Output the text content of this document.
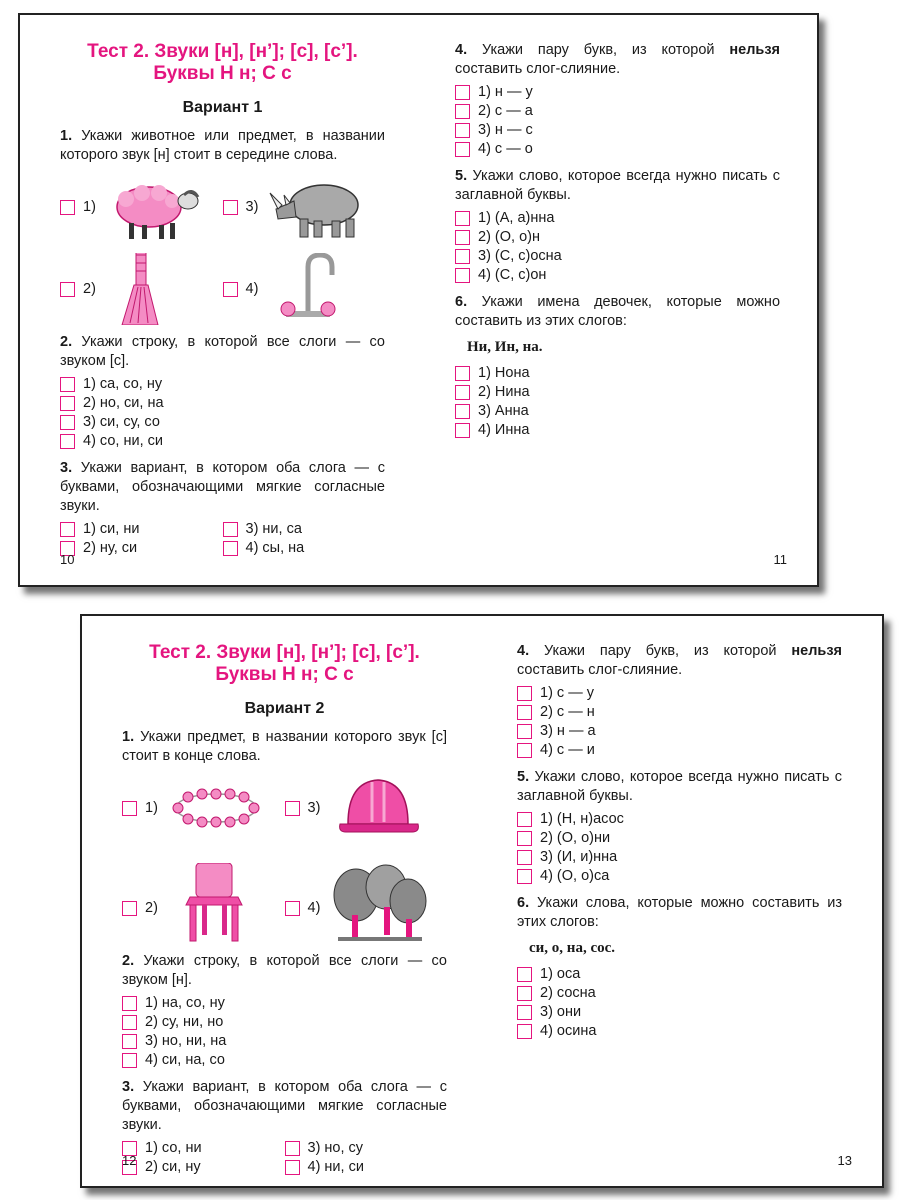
Тест 2. Звуки [н], [н’]; [с], [с’].
Буквы Н н; С с

Вариант 1

1. Укажи животное или предмет, в названии которого звук [н] стоит в середине слова.

1)	3)
2)	4)

2. Укажи строку, в которой все слоги — со звуком [с].

1) са, со, ну
2) но, си, на
3) си, су, со
4) со, ни, си

3. Укажи вариант, в котором оба слога — с буквами, обозначающими мягкие согласные звуки.

1) си, ни
2) ну, си
3) ни, са
4) сы, на
10

4. Укажи пару букв, из которой нельзя составить слог-слияние.

1) н — у
2) с — а
3) н — с
4) с — о

5. Укажи слово, которое всегда нужно писать с заглавной буквы.

1) (А, а)нна
2) (О, о)н
3) (С, с)осна
4) (С, с)он

6. Укажи имена девочек, которые можно составить из этих слогов:

Ни, Ин, на.
1) Нона
2) Нина
3) Анна
4) Инна
11

Тест 2. Звуки [н], [н’]; [с], [с’].
Буквы Н н; С с

Вариант 2

1. Укажи предмет, в названии которого звук [с] стоит в конце слова.

1)	3)
2)	4)

2. Укажи строку, в которой все слоги — со звуком [н].

1) на, со, ну
2) су, ни, но
3) но, ни, на
4) си, на, со

3. Укажи вариант, в котором оба слога — с буквами, обозначающими мягкие согласные звуки.

1) со, ни
2) си, ну
3) но, су
4) ни, си
12

4. Укажи пару букв, из которой нельзя составить слог-слияние.

1) с — у
2) с — н
3) н — а
4) с — и

5. Укажи слово, которое всегда нужно писать с заглавной буквы.

1) (Н, н)асос
2) (О, о)ни
3) (И, и)нна
4) (О, о)са

6. Укажи слова, которые можно составить из этих слогов:

си, о, на, сос.
1) оса
2) сосна
3) они
4) осина
13
